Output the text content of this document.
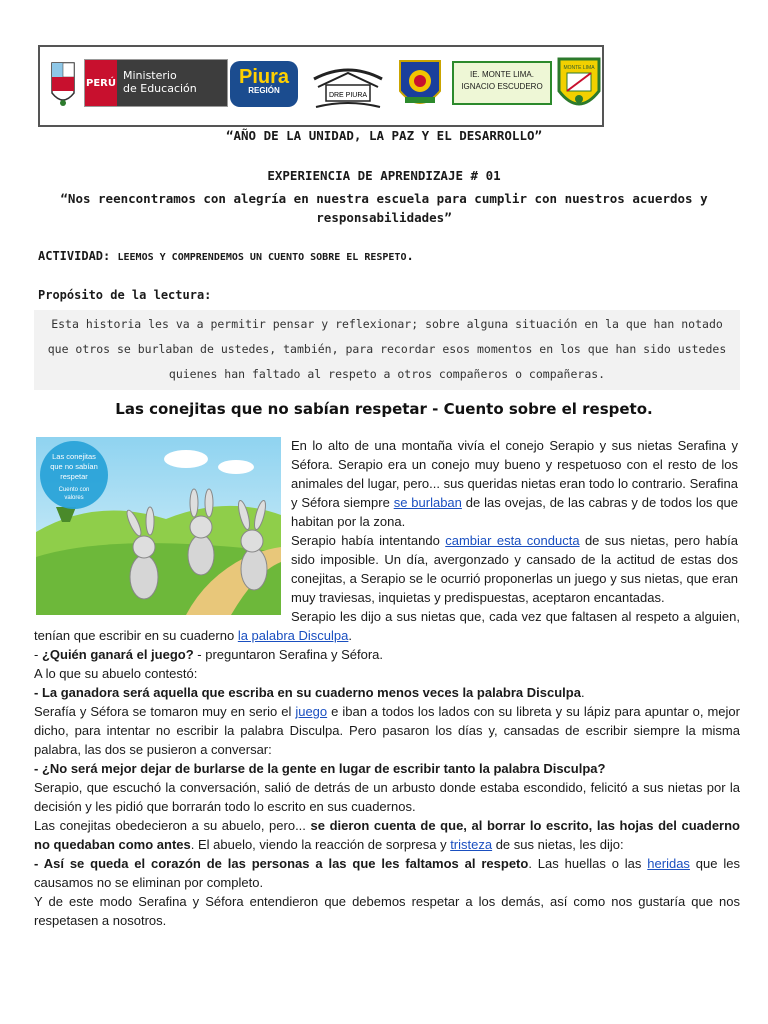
PERÚ
Ministerio
de Educación
Piura
REGIÓN
DRE PIURA
IE. MONTE LIMA.
IGNACIO ESCUDERO
MONTE LIMA
“AÑO DE LA UNIDAD, LA PAZ Y EL DESARROLLO”
EXPERIENCIA DE APRENDIZAJE # 01
“Nos reencontramos con alegría en nuestra escuela para cumplir con nuestros acuerdos y responsabilidades”
ACTIVIDAD: LEEMOS Y COMPRENDEMOS UN CUENTO SOBRE EL RESPETO.
Propósito de la lectura:
Esta historia les va a permitir pensar y reflexionar; sobre alguna situación en la que han notado que otros se burlaban de ustedes, también, para recordar esos momentos en los que han sido ustedes quienes han faltado al respeto a otros compañeros o compañeras.
Las conejitas que no sabían respetar - Cuento sobre el respeto.
Las conejitas
que no sabían
respetar
Cuento con
valores

En lo alto de una montaña vivía el conejo Serapio y sus nietas Serafina y Séfora. Serapio era un conejo muy bueno y respetuoso con el resto de los animales del lugar, pero... sus queridas nietas eran todo lo contrario. Serafina y Séfora siempre se burlaban de las ovejas, de las cabras y de todos los que habitan por la zona.

Serapio había intentando cambiar esta conducta de sus nietas, pero había sido imposible. Un día, avergonzado y cansado de la actitud de estas dos conejitas, a Serapio se le ocurrió proponerlas un juego y sus nietas, que eran muy traviesas, inquietas y predispuestas, aceptaron encantadas.

Serapio les dijo a sus nietas que, cada vez que faltasen al respeto a alguien, tenían que escribir en su cuaderno la palabra Disculpa.

- ¿Quién ganará el juego? - preguntaron Serafina y Séfora.

A lo que su abuelo contestó:

- La ganadora será aquella que escriba en su cuaderno menos veces la palabra Disculpa.

Serafía y Séfora se tomaron muy en serio el juego e iban a todos los lados con su libreta y su lápiz para apuntar o, mejor dicho, para intentar no escribir la palabra Disculpa. Pero pasaron los días y, cansadas de escribir siempre la misma palabra, las dos se pusieron a conversar:

- ¿No será mejor dejar de burlarse de la gente en lugar de escribir tanto la palabra Disculpa?

Serapio, que escuchó la conversación, salió de detrás de un arbusto donde estaba escondido, felicitó a sus nietas por la decisión y les pidió que borrarán todo lo escrito en sus cuadernos.

Las conejitas obedecieron a su abuelo, pero... se dieron cuenta de que, al borrar lo escrito, las hojas del cuaderno no quedaban como antes. El abuelo, viendo la reacción de sorpresa y tristeza de sus nietas, les dijo:

- Así se queda el corazón de las personas a las que les faltamos al respeto. Las huellas o las heridas que les causamos no se eliminan por completo.

Y de este modo Serafina y Séfora entendieron que debemos respetar a los demás, así como nos gustaría que nos respetasen a nosotros.
